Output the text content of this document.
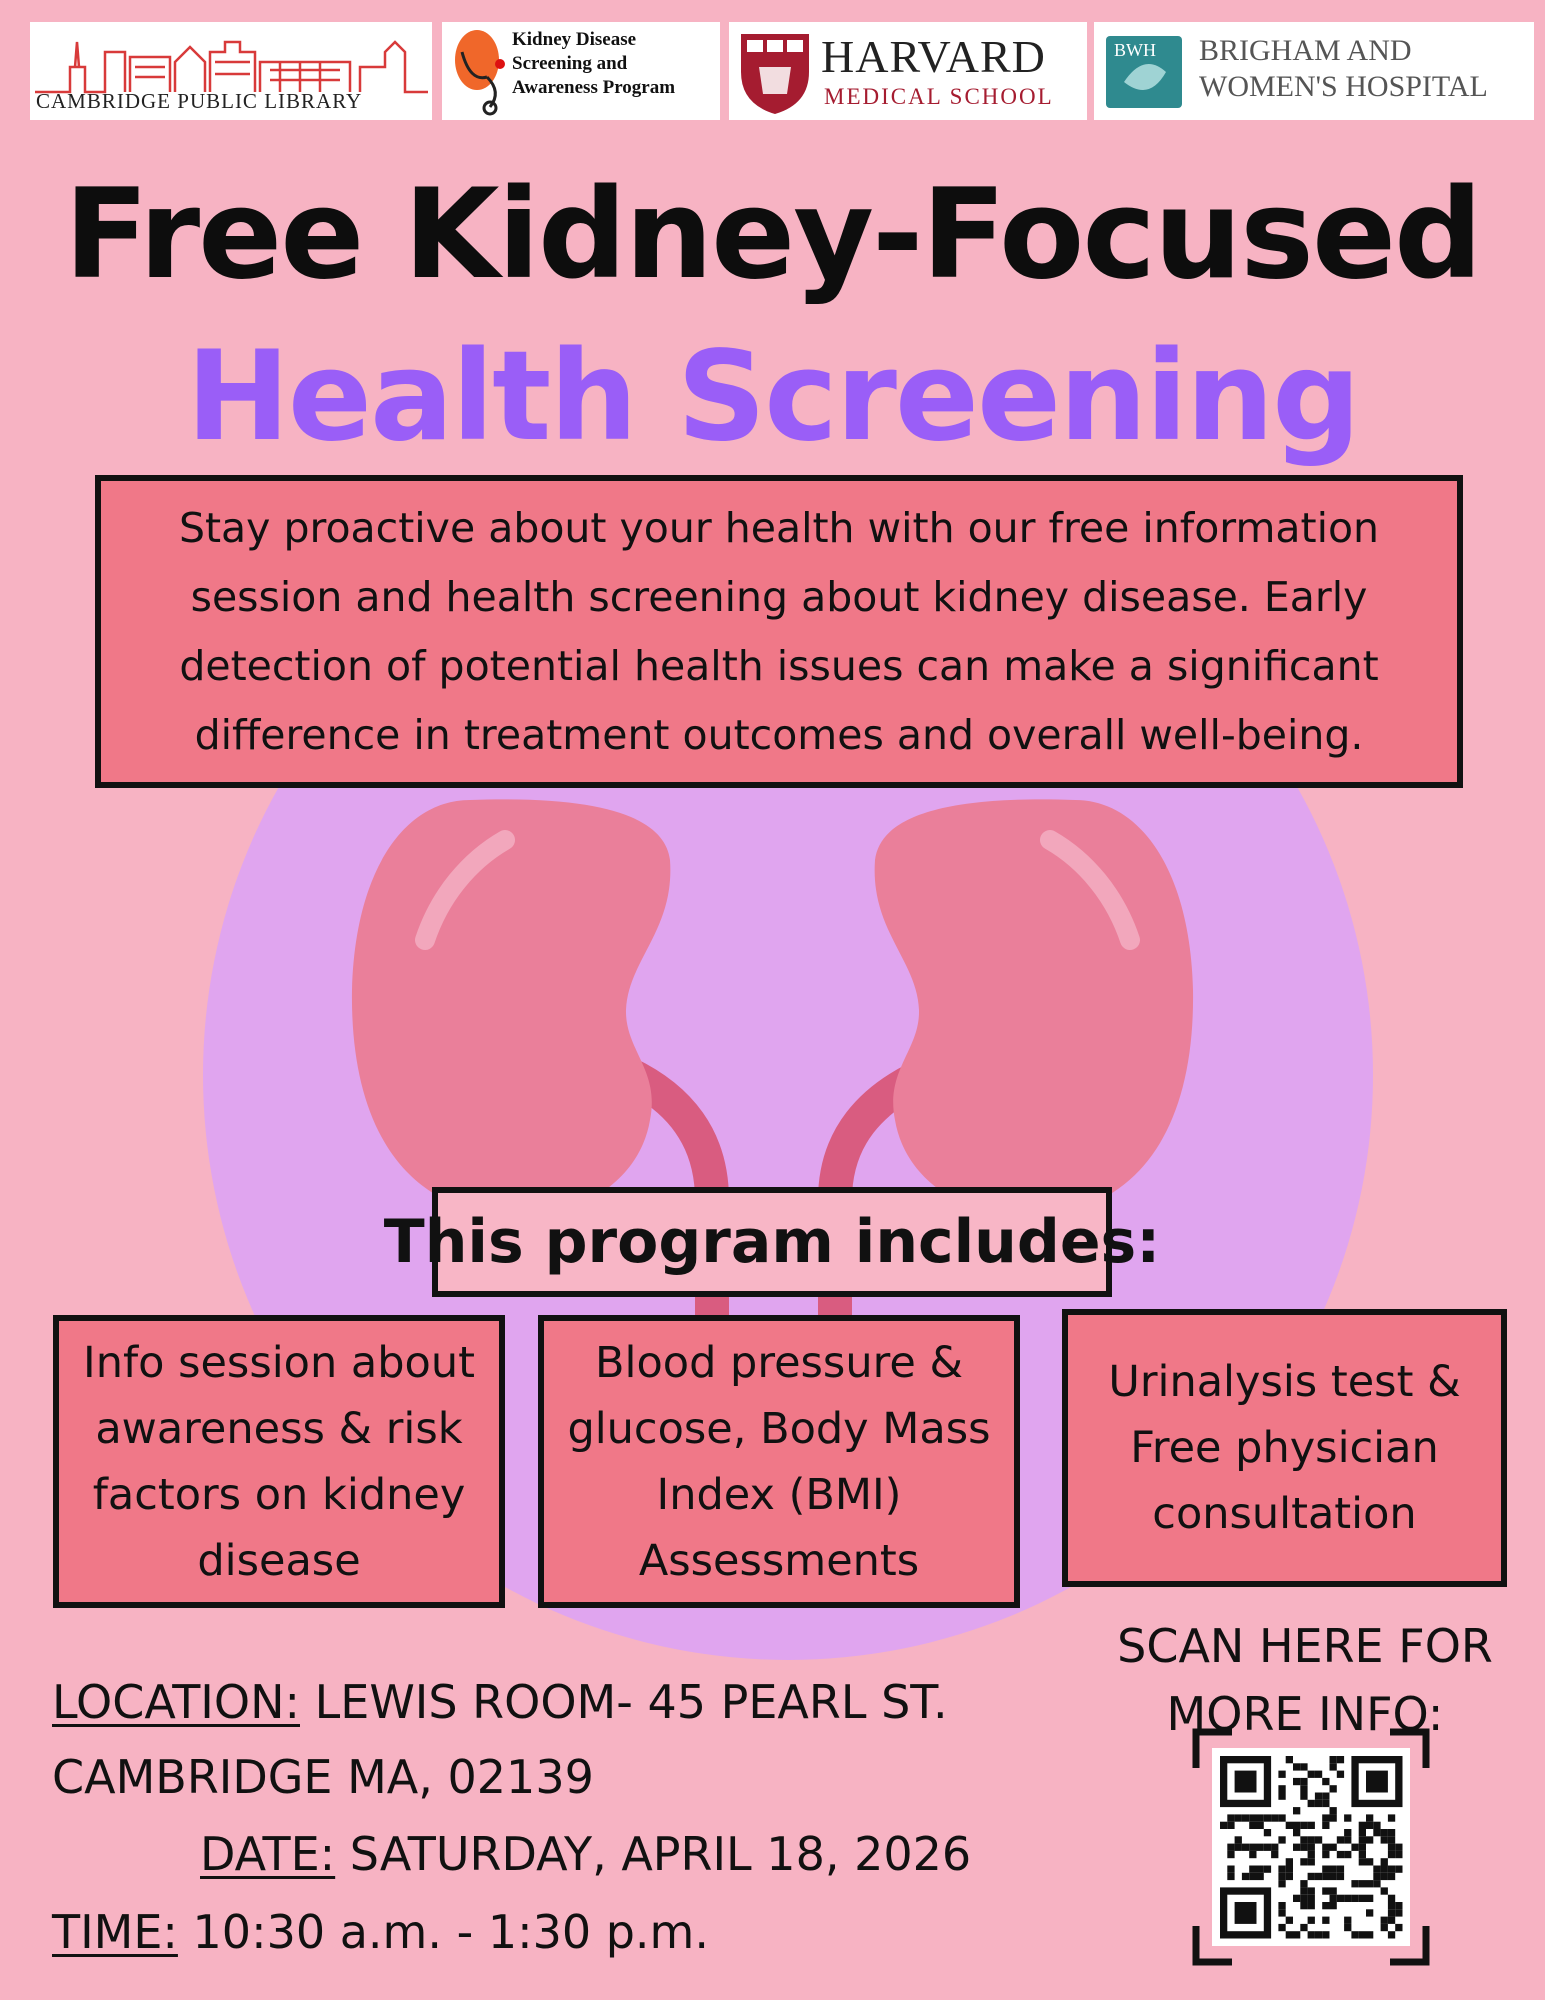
CAMBRIDGE PUBLIC LIBRARY
Kidney Disease
Screening and
Awareness Program
HARVARD
MEDICAL SCHOOL
BWH BRIGHAM AND
WOMEN'S HOSPITAL
Free Kidney-Focused
Health Screening
Stay proactive about your health with our free information session and health screening about kidney disease. Early detection of potential health issues can make a significant difference in treatment outcomes and overall well-being.
This program includes:
Info session about awareness & risk factors on kidney disease
Blood pressure & glucose, Body Mass Index (BMI) Assessments
Urinalysis test & Free physician consultation
LOCATION: LEWIS ROOM- 45 PEARL ST.
CAMBRIDGE MA, 02139
DATE: SATURDAY, APRIL 18, 2026
TIME: 10:30 a.m. - 1:30 p.m.
SCAN HERE FOR MORE INFO:
